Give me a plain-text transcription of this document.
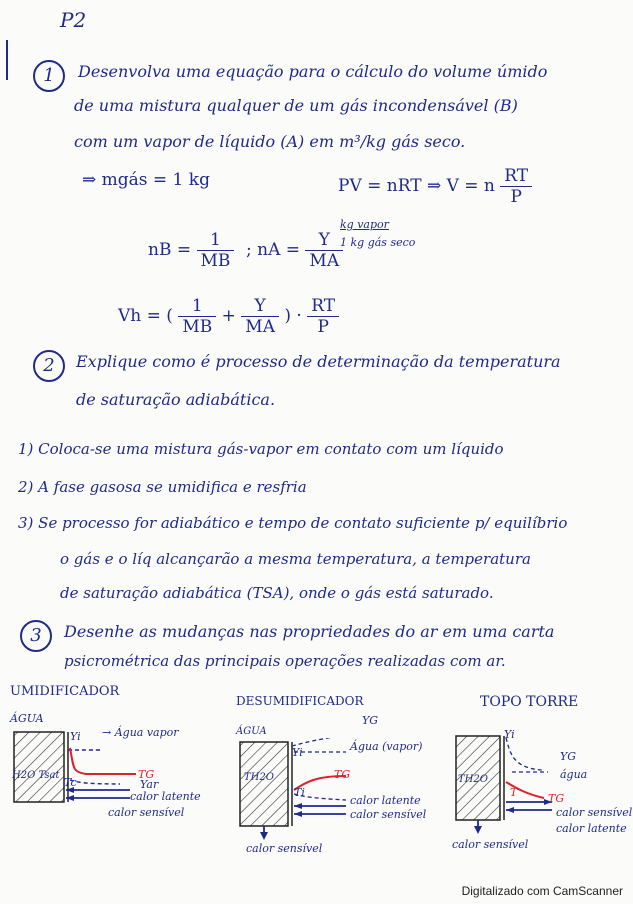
P2
1	Desenvolva uma equação para o cálculo do volume úmido
de uma mistura qualquer de um gás incondensável (B)
com um vapor de líquido (A) em m³/kg gás seco.
⇒ mgás = 1 kg	PV = nRT ⇒ V = n $\frac{RT}{P}$
nB = $\frac{1}{MB}$ ; nA = $\frac{Y}{MA}$
kg vapor
1 kg gás seco
Vh = ( $\frac{1}{MB} + \frac{Y}{MA}$ ) · $\frac{RT}{P}$
2	Explique como é processo de determinação da temperatura
de saturação adiabática.
1) Coloca-se uma mistura gás-vapor em contato com um líquido
2) A fase gasosa se umidifica e resfria
3) Se processo for adiabático e tempo de contato suficiente p/ equilíbrio
o gás e o líq alcançarão a mesma temperatura, a temperatura
de saturação adiabática (TSA), onde o gás está saturado.
3	Desenhe as mudanças nas propriedades do ar em uma carta
psicrométrica das principais operações realizadas com ar.
UMIDIFICADOR
DESUMIDIFICADOR	TOPO TORRE
ÁGUA
Yi → Água vapor
TG
H2O Tsat
Tc	Yar
calor latente
calor sensível
YG
ÁGUA
Yi	Água (vapor)
TH2O	TG
Ti
calor latente
calor sensível
calor sensível
Yi
YG
TH2O	água
T	TG
calor sensível
calor latente
calor sensível
Digitalizado com CamScanner
